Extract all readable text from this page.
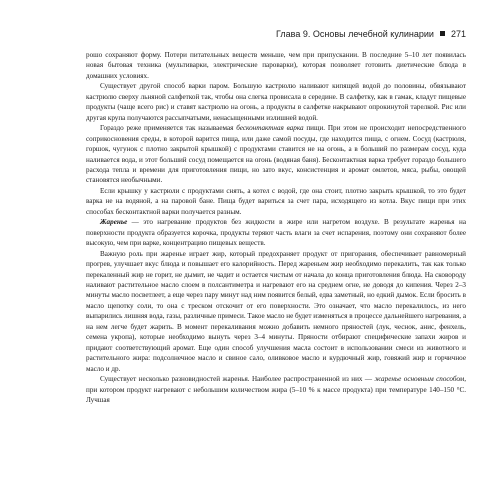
Глава 9. Основы лечебной кулинарии 271

рошо сохраняют форму. Потери питательных веществ меньше, чем при припускании. В последние 5–10 лет появилась новая бытовая техника (мультиварки, электрические пароварки), которая позволяет готовить диетические блюда в домашних условиях.

Существует другой способ варки паром. Большую кастрюлю наливают кипящей водой до половины, обвязывают кастрюлю сверху льняной салфеткой так, чтобы она слегка провисала в середине. В салфетку, как в гамак, кладут пищевые продукты (чаще всего рис) и ставят кастрюлю на огонь, а продукты в салфетке накрывают опрокинутой тарелкой. Рис или другая крупа получаются рассыпчатыми, ненасыщенными излишней водой.

Гораздо реже применяется так называемая бесконтактная варка пищи. При этом не происходит непосредственного соприкосновения среды, в которой варится пища, или даже самой посуды, где находится пища, с огнем. Сосуд (кастрюля, горшок, чугунок с плотно закрытой крышкой) с продуктами ставится не на огонь, а в больший по размерам сосуд, куда наливается вода, и этот больший сосуд помещается на огонь (водяная баня). Бесконтактная варка требует гораздо большего расхода тепла и времени для приготовления пищи, но зато вкус, консистенция и аромат омлетов, мяса, рыбы, овощей становятся необычными.

Если крышку у кастрюли с продуктами снять, а котел с водой, где она стоит, плотно закрыть крышкой, то это будет варка не на водяной, а на паровой бане. Пища будет вариться за счет пара, исходящего из котла. Вкус пищи при этих способах бесконтактной варки получается разным.

Жаренье — это нагревание продуктов без жидкости в жире или нагретом воздухе. В результате жаренья на поверхности продукта образуется корочка, продукты теряют часть влаги за счет испарения, поэтому они сохраняют более высокую, чем при варке, концентрацию пищевых веществ.

Важную роль при жаренье играет жир, который предохраняет продукт от пригорания, обеспечивает равномерный прогрев, улучшает вкус блюда и повышает его калорийность. Перед жареньем жир необходимо перекалить, так как только перекаленный жир не горит, не дымит, не чадит и остается чистым от начала до конца приготовления блюда. На сковороду наливают растительное масло слоем в полсантиметра и нагревают его на среднем огне, не доводя до кипения. Через 2–3 минуты масло посветлеет, а еще через пару минут над ним появится белый, едва заметный, но едкий дымок. Если бросить в масло щепотку соли, то она с треском отскочит от его поверхности. Это означает, что масло перекалилось, из него выпарились лишняя вода, газы, различные примеси. Такое масло не будет изменяться в процессе дальнейшего нагревания, а на нем легче будет жарить. В момент перекаливания можно добавить немного пряностей (лук, чеснок, анис, фенхель, семена укропа), которые необходимо вынуть через 3–4 минуты. Пряности отбирают специфические запахи жиров и придают соответствующий аромат. Еще один способ улучшения масла состоит в использовании смеси из животного и растительного жира: подсолнечное масло и свиное сало, оливковое масло и курдючный жир, говяжий жир и горчичное масло и др.

Существует несколько разновидностей жаренья. Наиболее распространенной из них — жаренье основным способом, при котором продукт нагревают с небольшим количеством жира (5–10 % к массе продукта) при температуре 140–150 °С. Лучшая
